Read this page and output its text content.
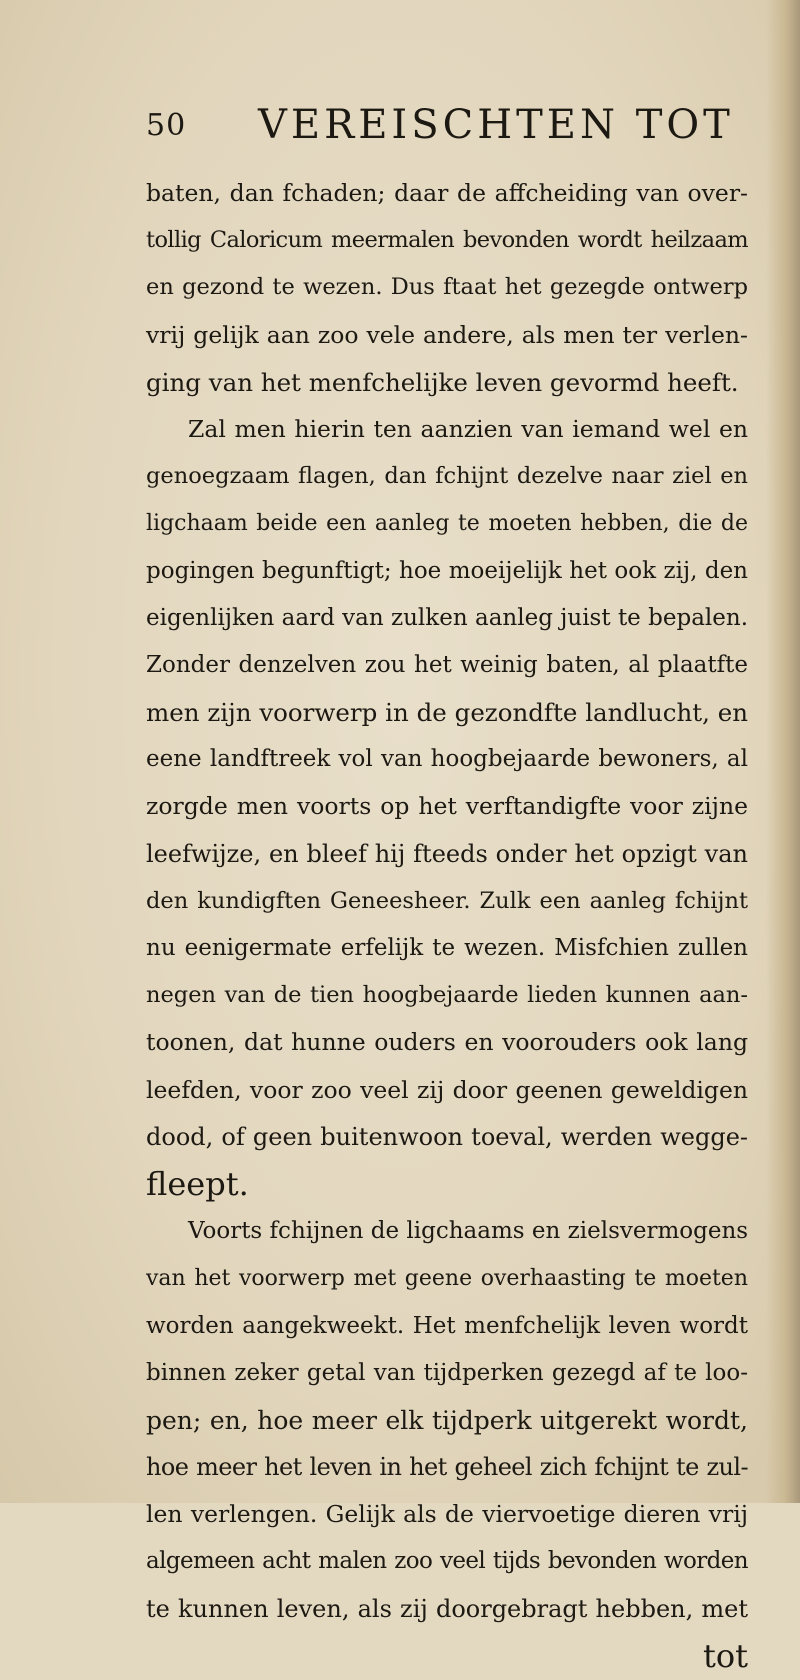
50 VEREISCHTEN TOT
baten, dan fchaden; daar de affcheiding van over-
tollig Caloricum meermalen bevonden wordt heilzaam
en gezond te wezen. Dus ftaat het gezegde ontwerp
vrij gelijk aan zoo vele andere, als men ter verlen-
ging van het menfchelijke leven gevormd heeft.
Zal men hierin ten aanzien van iemand wel en
genoegzaam flagen, dan fchijnt dezelve naar ziel en
ligchaam beide een aanleg te moeten hebben, die de
pogingen begunftigt; hoe moeijelijk het ook zij, den
eigenlijken aard van zulken aanleg juist te bepalen.
Zonder denzelven zou het weinig baten, al plaatfte
men zijn voorwerp in de gezondfte landlucht, en
eene landftreek vol van hoogbejaarde bewoners, al
zorgde men voorts op het verftandigfte voor zijne
leefwijze, en bleef hij fteeds onder het opzigt van
den kundigften Geneesheer. Zulk een aanleg fchijnt
nu eenigermate erfelijk te wezen. Misfchien zullen
negen van de tien hoogbejaarde lieden kunnen aan-
toonen, dat hunne ouders en voorouders ook lang
leefden, voor zoo veel zij door geenen geweldigen
dood, of geen buitenwoon toeval, werden wegge-
fleept.
Voorts fchijnen de ligchaams en zielsvermogens
van het voorwerp met geene overhaasting te moeten
worden aangekweekt. Het menfchelijk leven wordt
binnen zeker getal van tijdperken gezegd af te loo-
pen; en, hoe meer elk tijdperk uitgerekt wordt,
hoe meer het leven in het geheel zich fchijnt te zul-
len verlengen. Gelijk als de viervoetige dieren vrij
algemeen acht malen zoo veel tijds bevonden worden
te kunnen leven, als zij doorgebragt hebben, met
tot
